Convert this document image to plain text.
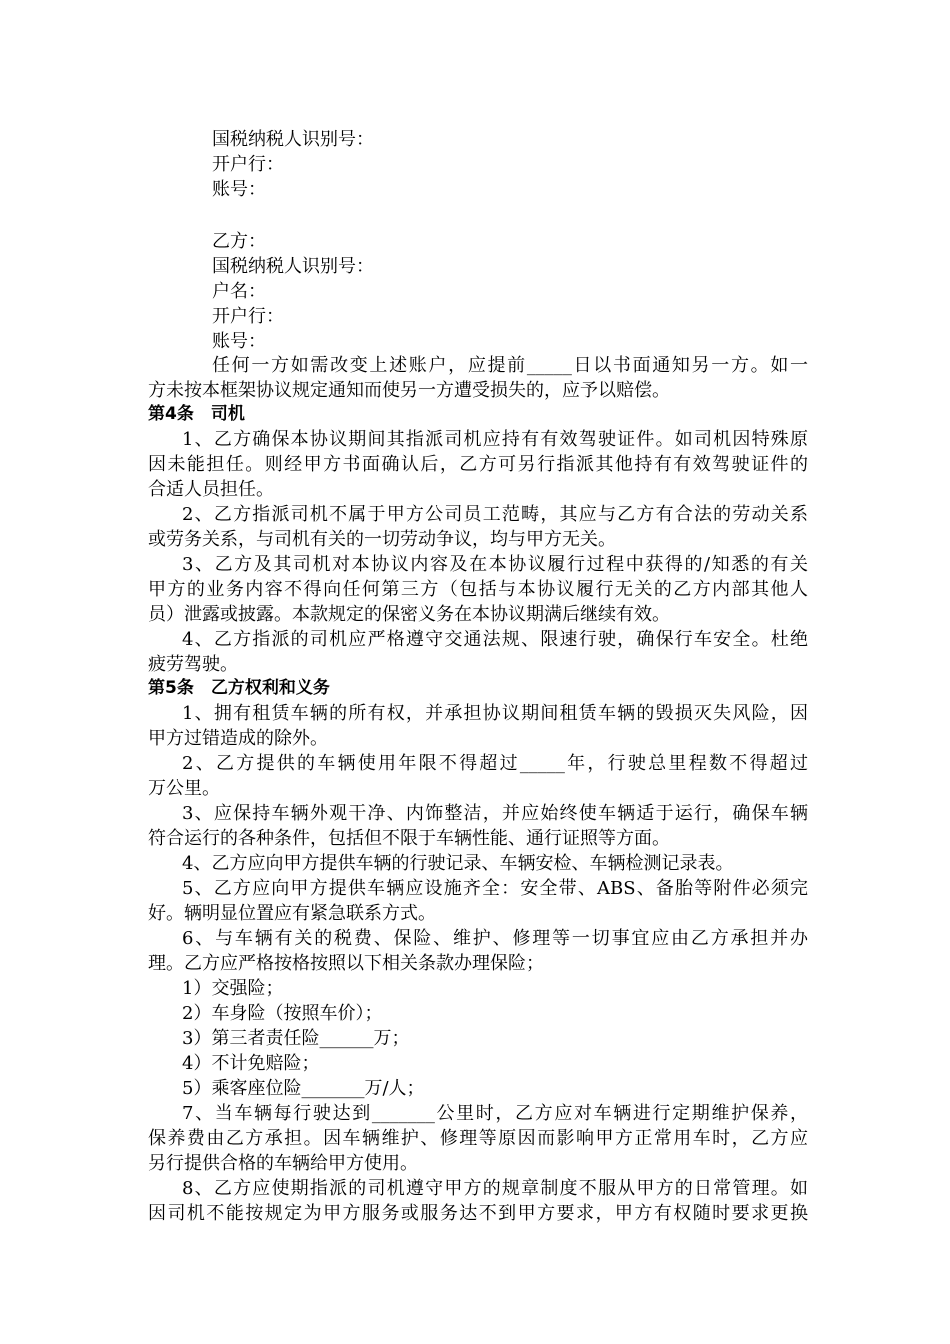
国税纳税人识别号：
开户行：
账号：
乙方：
国税纳税人识别号：
户名：
开户行：
账号：
任何一方如需改变上述账户，应提前_____日以书面通知另一方。如一
方未按本框架协议规定通知而使另一方遭受损失的，应予以赔偿。
第4条　司机
1、乙方确保本协议期间其指派司机应持有有效驾驶证件。如司机因特殊原
因未能担任。则经甲方书面确认后，乙方可另行指派其他持有有效驾驶证件的
合适人员担任。
2、乙方指派司机不属于甲方公司员工范畴，其应与乙方有合法的劳动关系
或劳务关系，与司机有关的一切劳动争议，均与甲方无关。
3、乙方及其司机对本协议内容及在本协议履行过程中获得的/知悉的有关
甲方的业务内容不得向任何第三方（包括与本协议履行无关的乙方内部其他人
员）泄露或披露。本款规定的保密义务在本协议期满后继续有效。
4、乙方指派的司机应严格遵守交通法规、限速行驶，确保行车安全。杜绝
疲劳驾驶。
第5条　乙方权利和义务
1、拥有租赁车辆的所有权，并承担协议期间租赁车辆的毁损灭失风险，因
甲方过错造成的除外。
2、乙方提供的车辆使用年限不得超过_____年，行驶总里程数不得超过
万公里。
3、应保持车辆外观干净、内饰整洁，并应始终使车辆适于运行，确保车辆
符合运行的各种条件，包括但不限于车辆性能、通行证照等方面。
4、乙方应向甲方提供车辆的行驶记录、车辆安检、车辆检测记录表。
5、乙方应向甲方提供车辆应设施齐全：安全带、ABS、备胎等附件必须完
好。辆明显位置应有紧急联系方式。
6、与车辆有关的税费、保险、维护、修理等一切事宜应由乙方承担并办
理。乙方应严格按格按照以下相关条款办理保险；
1）交强险；
2）车身险（按照车价）；
3）第三者责任险______万；
4）不计免赔险；
5）乘客座位险_______万/人；
7、当车辆每行驶达到_______公里时，乙方应对车辆进行定期维护保养，
保养费由乙方承担。因车辆维护、修理等原因而影响甲方正常用车时，乙方应
另行提供合格的车辆给甲方使用。
8、乙方应使期指派的司机遵守甲方的规章制度不服从甲方的日常管理。如
因司机不能按规定为甲方服务或服务达不到甲方要求，甲方有权随时要求更换
